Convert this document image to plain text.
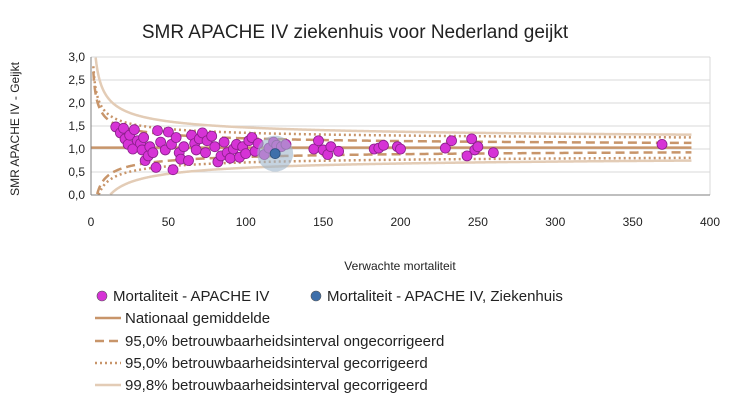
SMR APACHE IV ziekenhuis voor Nederland geijkt
0,0
0,5
1,0
1,5
2,0
2,5
3,0
0	50	100	150	200	250	300	350	400
Verwachte mortaliteit
SMR APACHE IV - Geijkt
Mortaliteit - APACHE IV	Mortaliteit - APACHE IV, Ziekenhuis
Nationaal gemiddelde
95,0% betrouwbaarheidsinterval ongecorrigeerd
95,0% betrouwbaarheidsinterval gecorrigeerd
99,8% betrouwbaarheidsinterval gecorrigeerd
